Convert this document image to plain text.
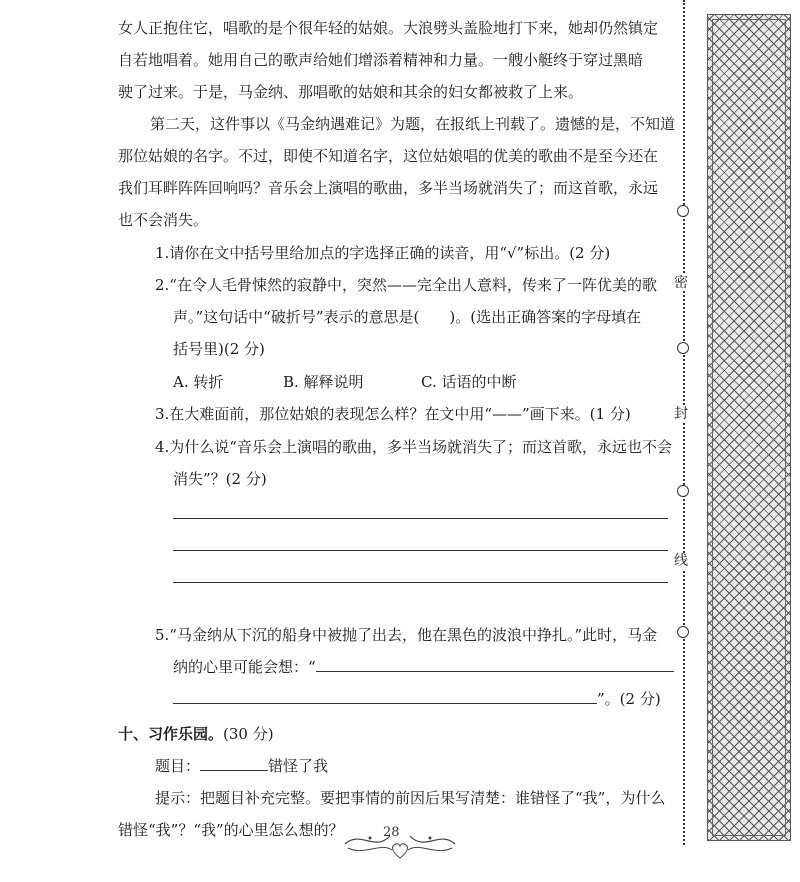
女人正抱住它，唱歌的是个很年轻的姑娘。大浪劈头盖脸地打下来，她却仍然镇定
自若地唱着。她用自己的歌声给她们增添着精神和力量。一艘小艇终于穿过黑暗
驶了过来。于是，马金纳、那唱歌的姑娘和其余的妇女都被救了上来。
第二天，这件事以《马金纳遇难记》为题，在报纸上刊载了。遗憾的是，不知道
那位姑娘的名字。不过，即使不知道名字，这位姑娘唱的优美的歌曲不是至今还在
我们耳畔阵阵回响吗？音乐会上演唱的歌曲，多半当场就消失了；而这首歌，永远
也不会消失。
1.请你在文中括号里给加点的字选择正确的读音，用“√”标出。(2 分)
2.“在令人毛骨悚然的寂静中，突然——完全出人意料，传来了一阵优美的歌
声。”这句话中“破折号”表示的意思是(　　)。(选出正确答案的字母填在
括号里)(2 分)
A. 转折	B. 解释说明	C. 话语的中断
3.在大难面前，那位姑娘的表现怎么样？在文中用“——”画下来。(1 分)
4.为什么说“音乐会上演唱的歌曲，多半当场就消失了；而这首歌，永远也不会
消失”？(2 分)
5.“马金纳从下沉的船身中被抛了出去，他在黑色的波浪中挣扎。”此时，马金
纳的心里可能会想：“
”。(2 分)
十、习作乐园。(30 分)
题目：	错怪了我
提示：把题目补充完整。要把事情的前因后果写清楚：谁错怪了“我”，为什么
错怪“我”？“我”的心里怎么想的？
密
封
线
28
